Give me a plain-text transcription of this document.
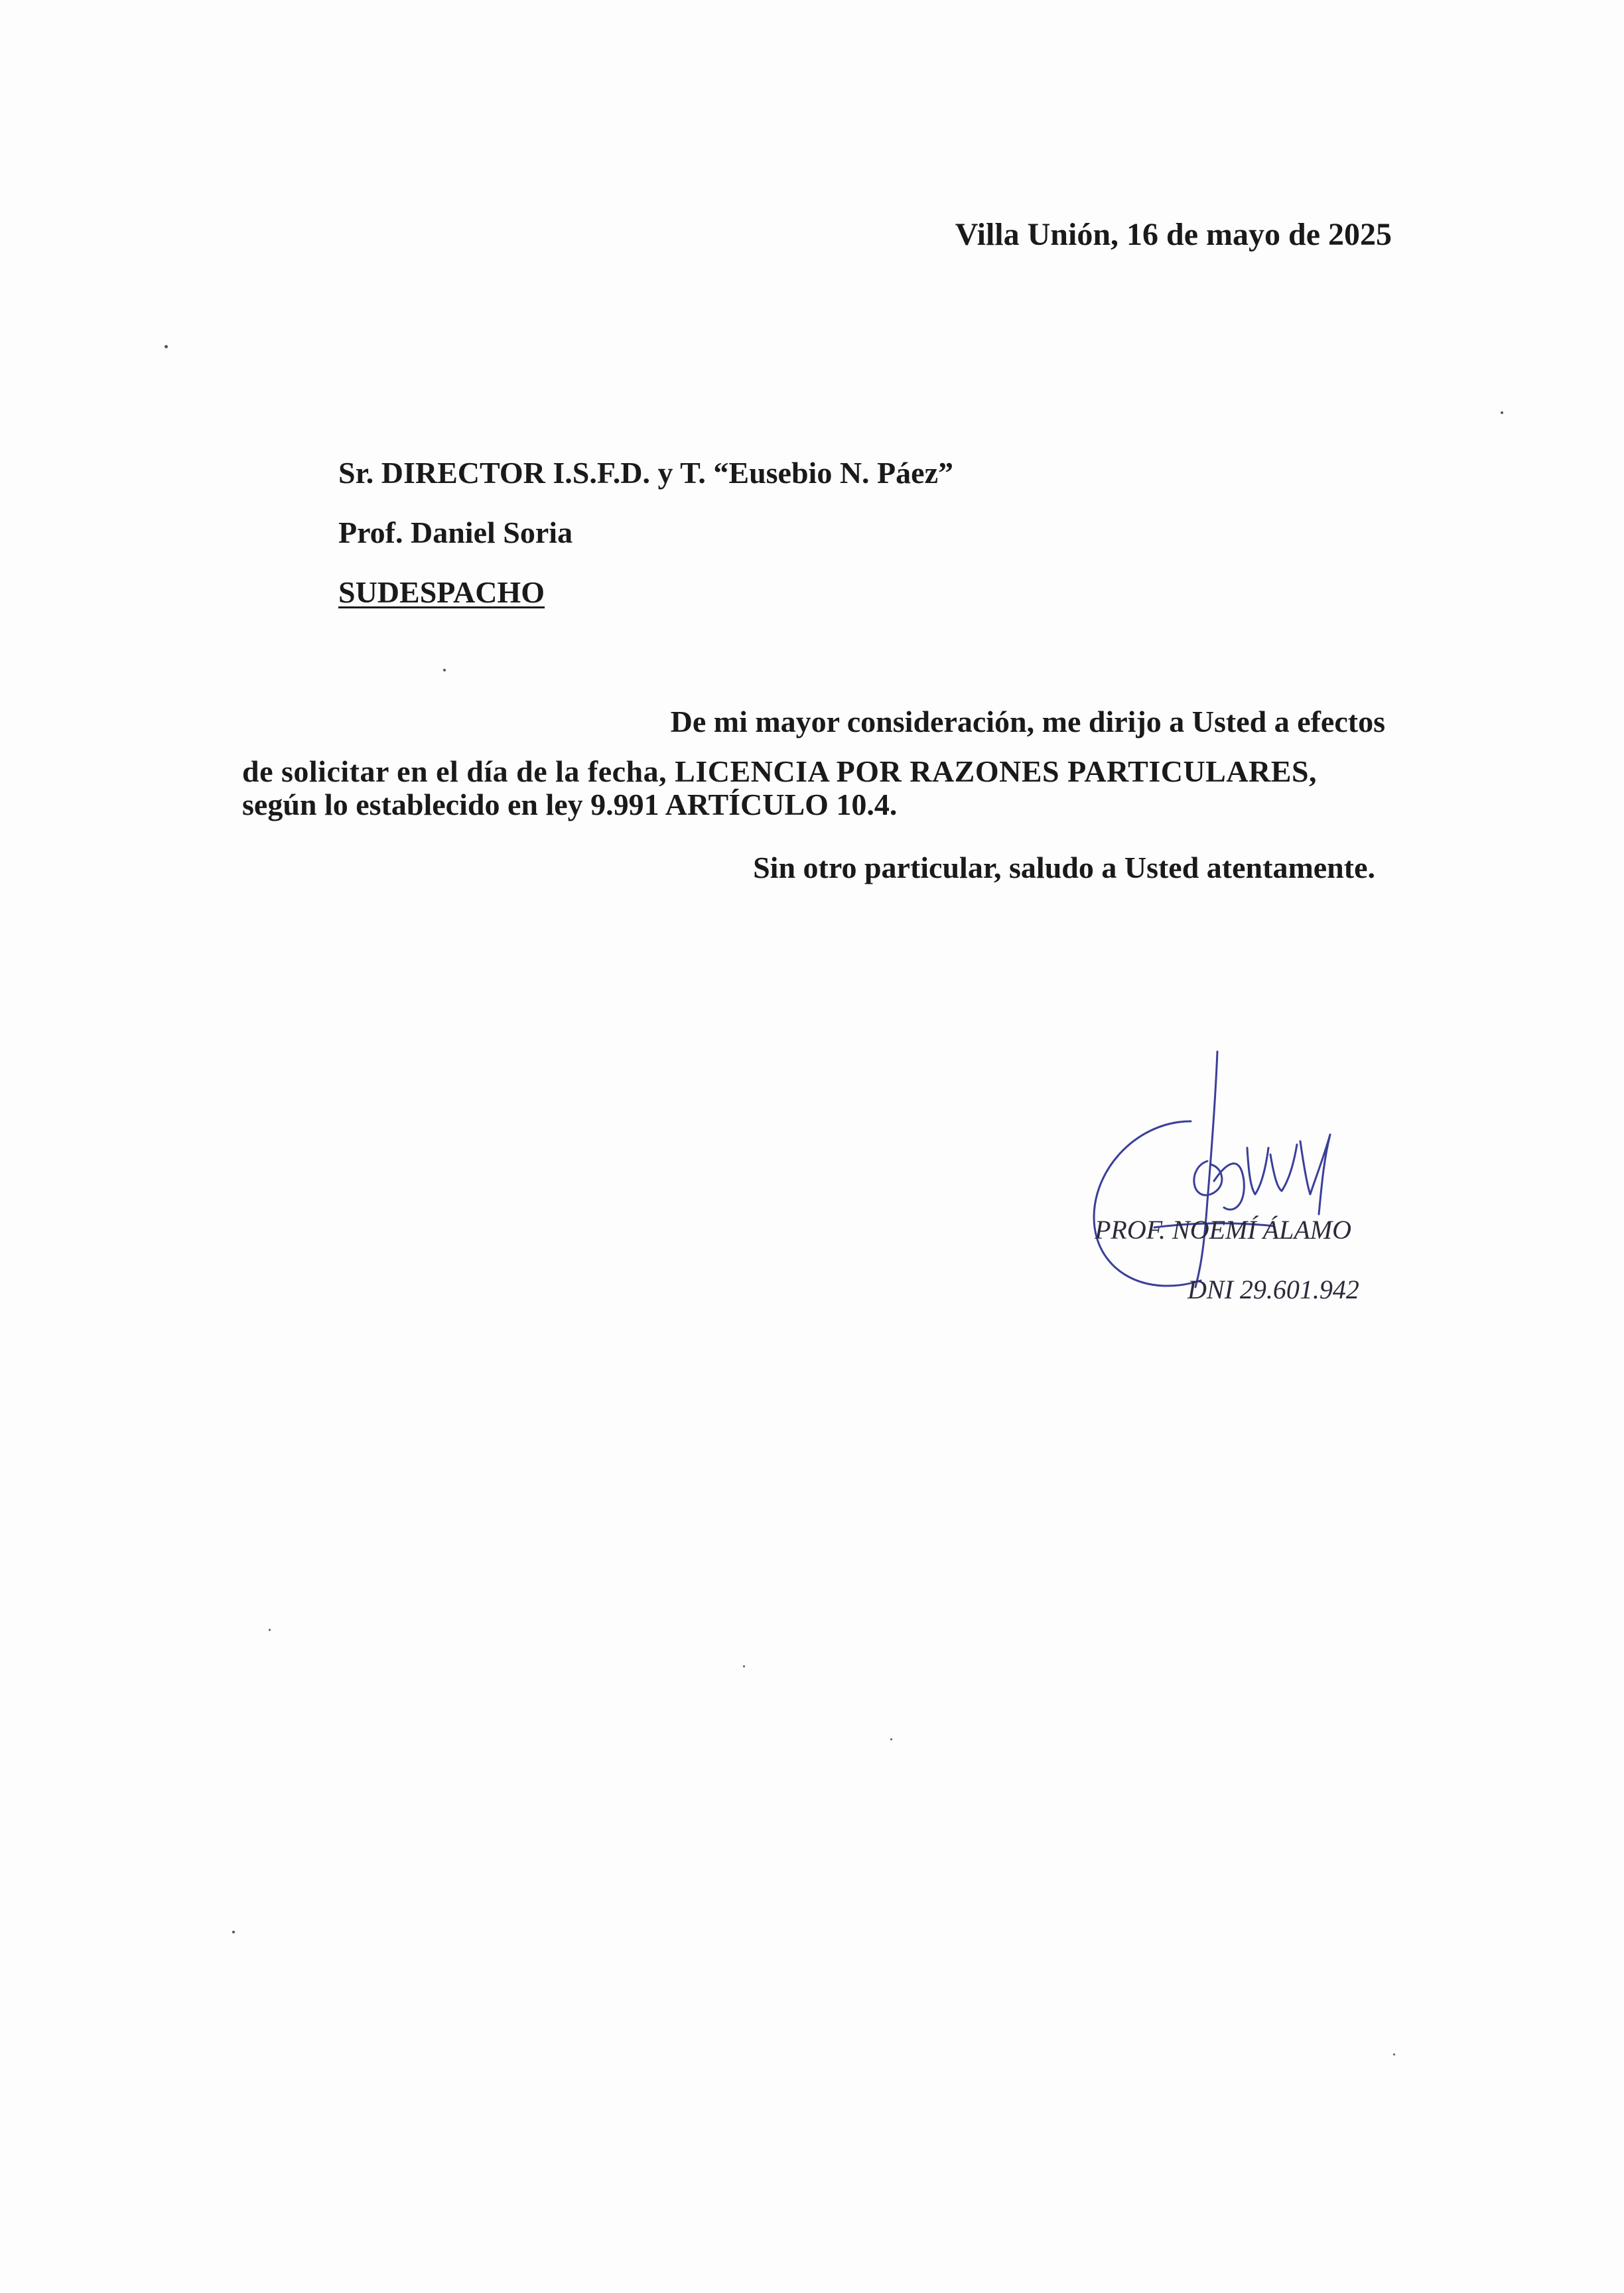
Villa Unión, 16 de mayo de 2025
Sr. DIRECTOR I.S.F.D. y T. “Eusebio N. Páez”
Prof. Daniel Soria
SUDESPACHO
De mi mayor consideración, me dirijo a Usted a efectos
de solicitar en el día de la fecha, LICENCIA POR RAZONES PARTICULARES,
según lo establecido en ley 9.991 ARTÍCULO 10.4.
Sin otro particular, saludo a Usted atentamente.
PROF. NOEMÍ ÁLAMO
DNI 29.601.942
